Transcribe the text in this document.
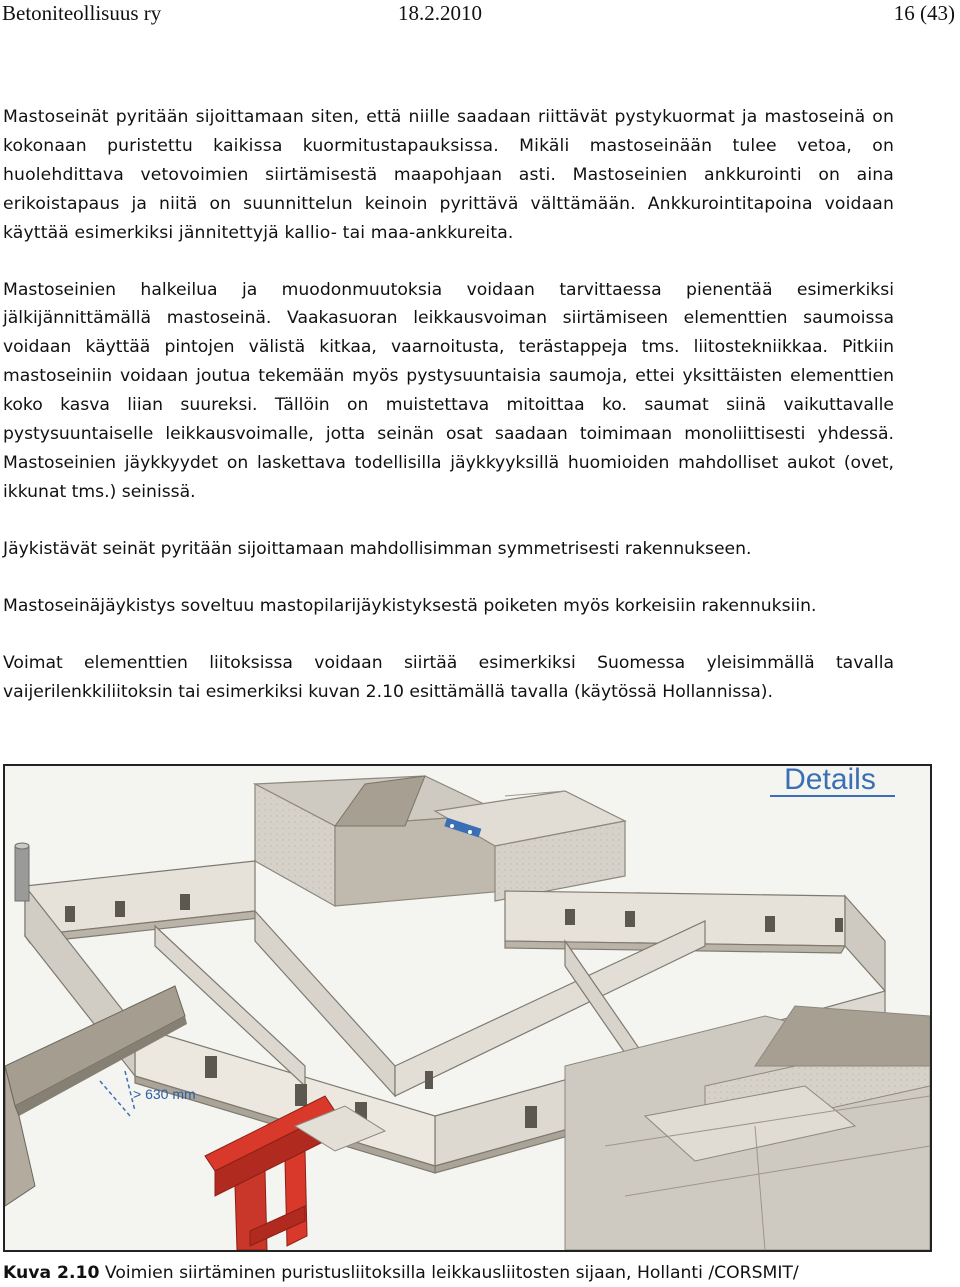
Betoniteollisuus ry	18.2.2010	16 (43)

Mastoseinät pyritään sijoittamaan siten, että niille saadaan riittävät pystykuormat ja mastoseinä on kokonaan puristettu kaikissa kuormitustapauksissa. Mikäli mastoseinään tulee vetoa, on huolehdittava vetovoimien siirtämisestä maapohjaan asti. Mastoseinien ankkurointi on aina erikoistapaus ja niitä on suunnittelun keinoin pyrittävä välttämään. Ankkurointitapoina voidaan käyttää esimerkiksi jännitettyjä kallio- tai maa-ankkureita.

Mastoseinien halkeilua ja muodonmuutoksia voidaan tarvittaessa pienentää esimerkiksi jälkijännittämällä mastoseinä. Vaakasuoran leikkausvoiman siirtämiseen elementtien saumoissa voidaan käyttää pintojen välistä kitkaa, vaarnoitusta, terästappeja tms. liitostekniikkaa. Pitkiin mastoseiniin voidaan joutua tekemään myös pystysuuntaisia saumoja, ettei yksittäisten elementtien koko kasva liian suureksi. Tällöin on muistettava mitoittaa ko. saumat siinä vaikuttavalle pystysuuntaiselle leikkausvoimalle, jotta seinän osat saadaan toimimaan monoliittisesti yhdessä. Mastoseinien jäykkyydet on laskettava todellisilla jäykkyyksillä huomioiden mahdolliset aukot (ovet, ikkunat tms.) seinissä.

Jäykistävät seinät pyritään sijoittamaan mahdollisimman symmetrisesti rakennukseen.

Mastoseinäjäykistys soveltuu mastopilarijäykistyksestä poiketen myös korkeisiin rakennuksiin.

Voimat elementtien liitoksissa voidaan siirtää esimerkiksi Suomessa yleisimmällä tavalla vaijerilenkkiliitoksin tai esimerkiksi kuvan 2.10 esittämällä tavalla (käytössä Hollannissa).

Details
> 630 mm
Kuva 2.10 Voimien siirtäminen puristusliitoksilla leikkausliitosten sijaan, Hollanti /CORSMIT/
